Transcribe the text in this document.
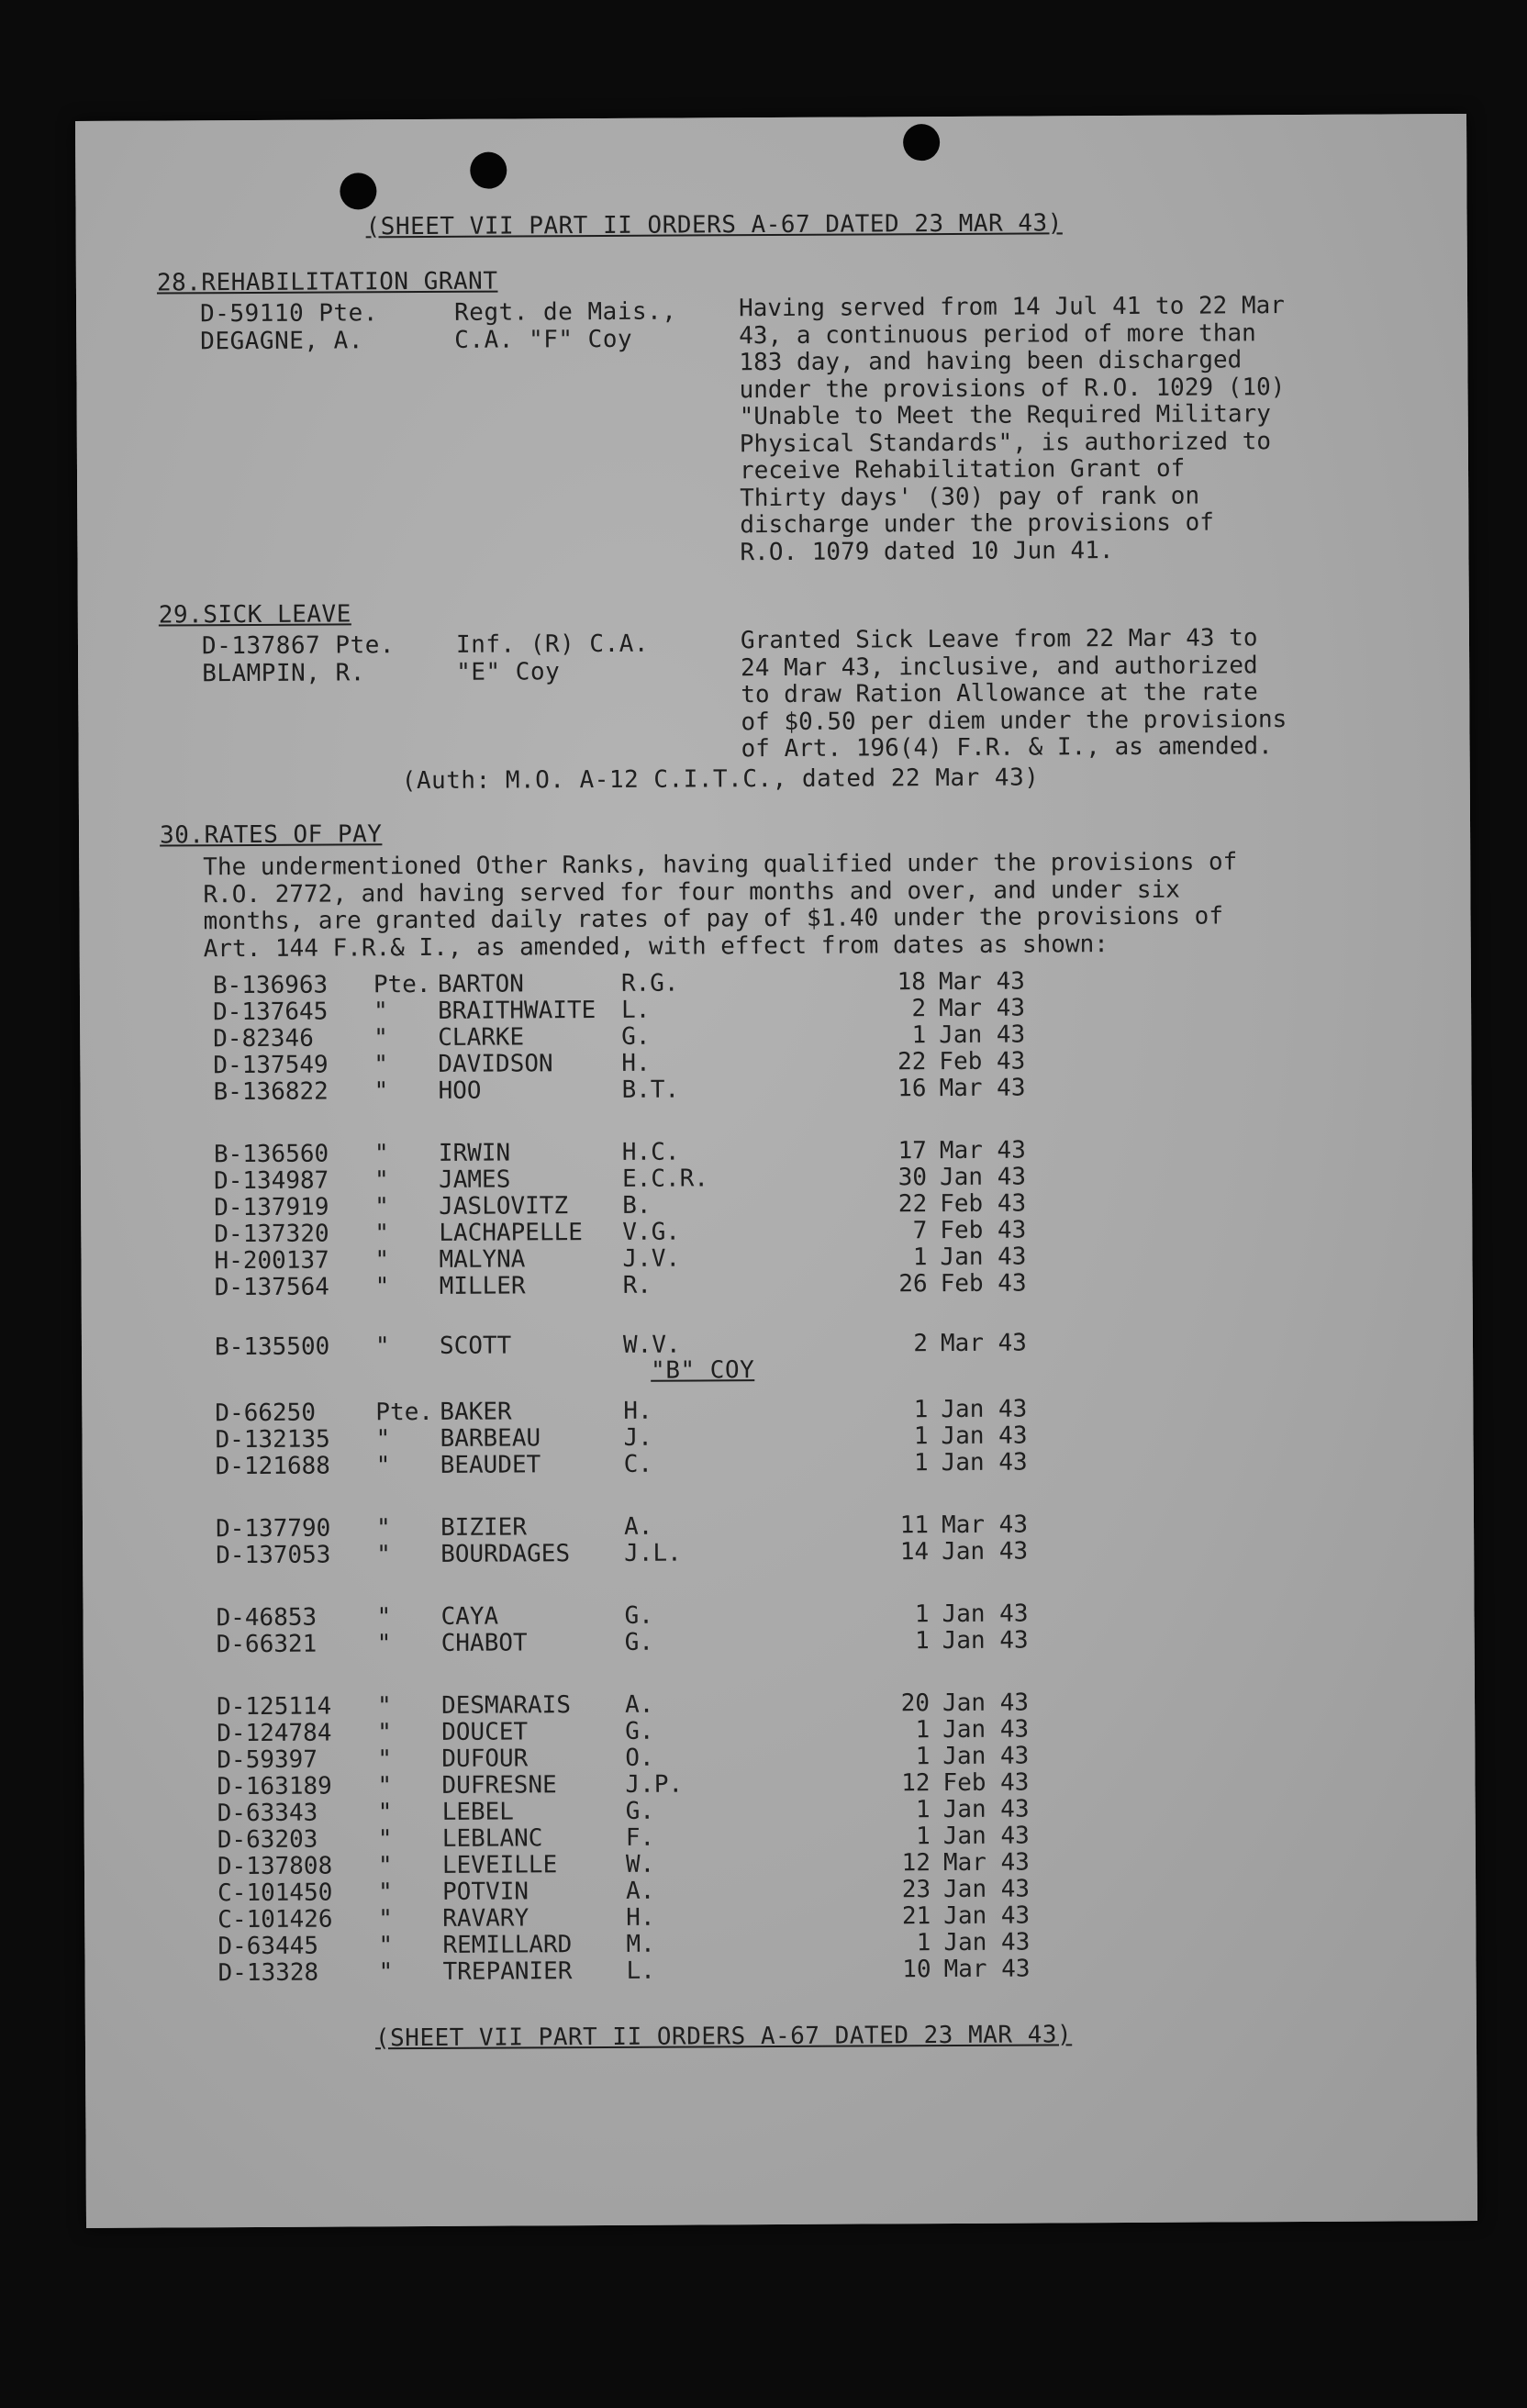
(SHEET VII PART II ORDERS A-67 DATED 23 MAR 43)
28.REHABILITATION GRANT
D-59110 Pte.
DEGAGNE, A.
Regt. de Mais.,
C.A. "F" Coy
Having served from 14 Jul 41 to 22 Mar
43, a continuous period of more than
183 day, and having been discharged
under the provisions of R.O. 1029 (10)
"Unable to Meet the Required Military
Physical Standards", is authorized to
receive Rehabilitation Grant of
Thirty days' (30) pay of rank on
discharge under the provisions of
R.O. 1079 dated 10 Jun 41.
29.SICK LEAVE
D-137867 Pte.
BLAMPIN, R.
Inf. (R) C.A.
"E" Coy
Granted Sick Leave from 22 Mar 43 to
24 Mar 43, inclusive, and authorized
to draw Ration Allowance at the rate
of $0.50 per diem under the provisions
of Art. 196(4) F.R. & I., as amended.
(Auth: M.O. A-12 C.I.T.C., dated 22 Mar 43)
30.RATES OF PAY
The undermentioned Other Ranks, having qualified under the provisions of
R.O. 2772, and having served for four months and over, and under six
months, are granted daily rates of pay of $1.40 under the provisions of
Art. 144 F.R.& I., as amended, with effect from dates as shown:
B-136963 Pte. BARTON	R.G.	18 Mar 43
D-137645 " BRAITHWAITE L.	2 Mar 43
D-82346	" CLARKE	G.	1 Jan 43
D-137549 " DAVIDSON	H.	22 Feb 43
B-136822 " HOO	B.T.	16 Mar 43
B-136560 " IRWIN	H.C.	17 Mar 43
D-134987 " JAMES	E.C.R.	30 Jan 43
D-137919 " JASLOVITZ B.	22 Feb 43
D-137320 " LACHAPELLE V.G.	7 Feb 43
H-200137 " MALYNA	J.V.	1 Jan 43
D-137564 " MILLER	R.	26 Feb 43
B-135500 " SCOTT	W.V.	2 Mar 43
"B" COY
D-66250	Pte. BAKER	H.	1 Jan 43
D-132135 " BARBEAU	J.	1 Jan 43
D-121688 " BEAUDET	C.	1 Jan 43
D-137790 " BIZIER	A.	11 Mar 43
D-137053 " BOURDAGES J.L.	14 Jan 43
D-46853	" CAYA	G.	1 Jan 43
D-66321	" CHABOT	G.	1 Jan 43
D-125114 " DESMARAIS A.	20 Jan 43
D-124784 " DOUCET	G.	1 Jan 43
D-59397	" DUFOUR	O.	1 Jan 43
D-163189 " DUFRESNE	J.P.	12 Feb 43
D-63343	" LEBEL	G.	1 Jan 43
D-63203	" LEBLANC	F.	1 Jan 43
D-137808 " LEVEILLE	W.	12 Mar 43
C-101450 " POTVIN	A.	23 Jan 43
C-101426 " RAVARY	H.	21 Jan 43
D-63445	" REMILLARD M.	1 Jan 43
D-13328	" TREPANIER L.	10 Mar 43
(SHEET VII PART II ORDERS A-67 DATED 23 MAR 43)
